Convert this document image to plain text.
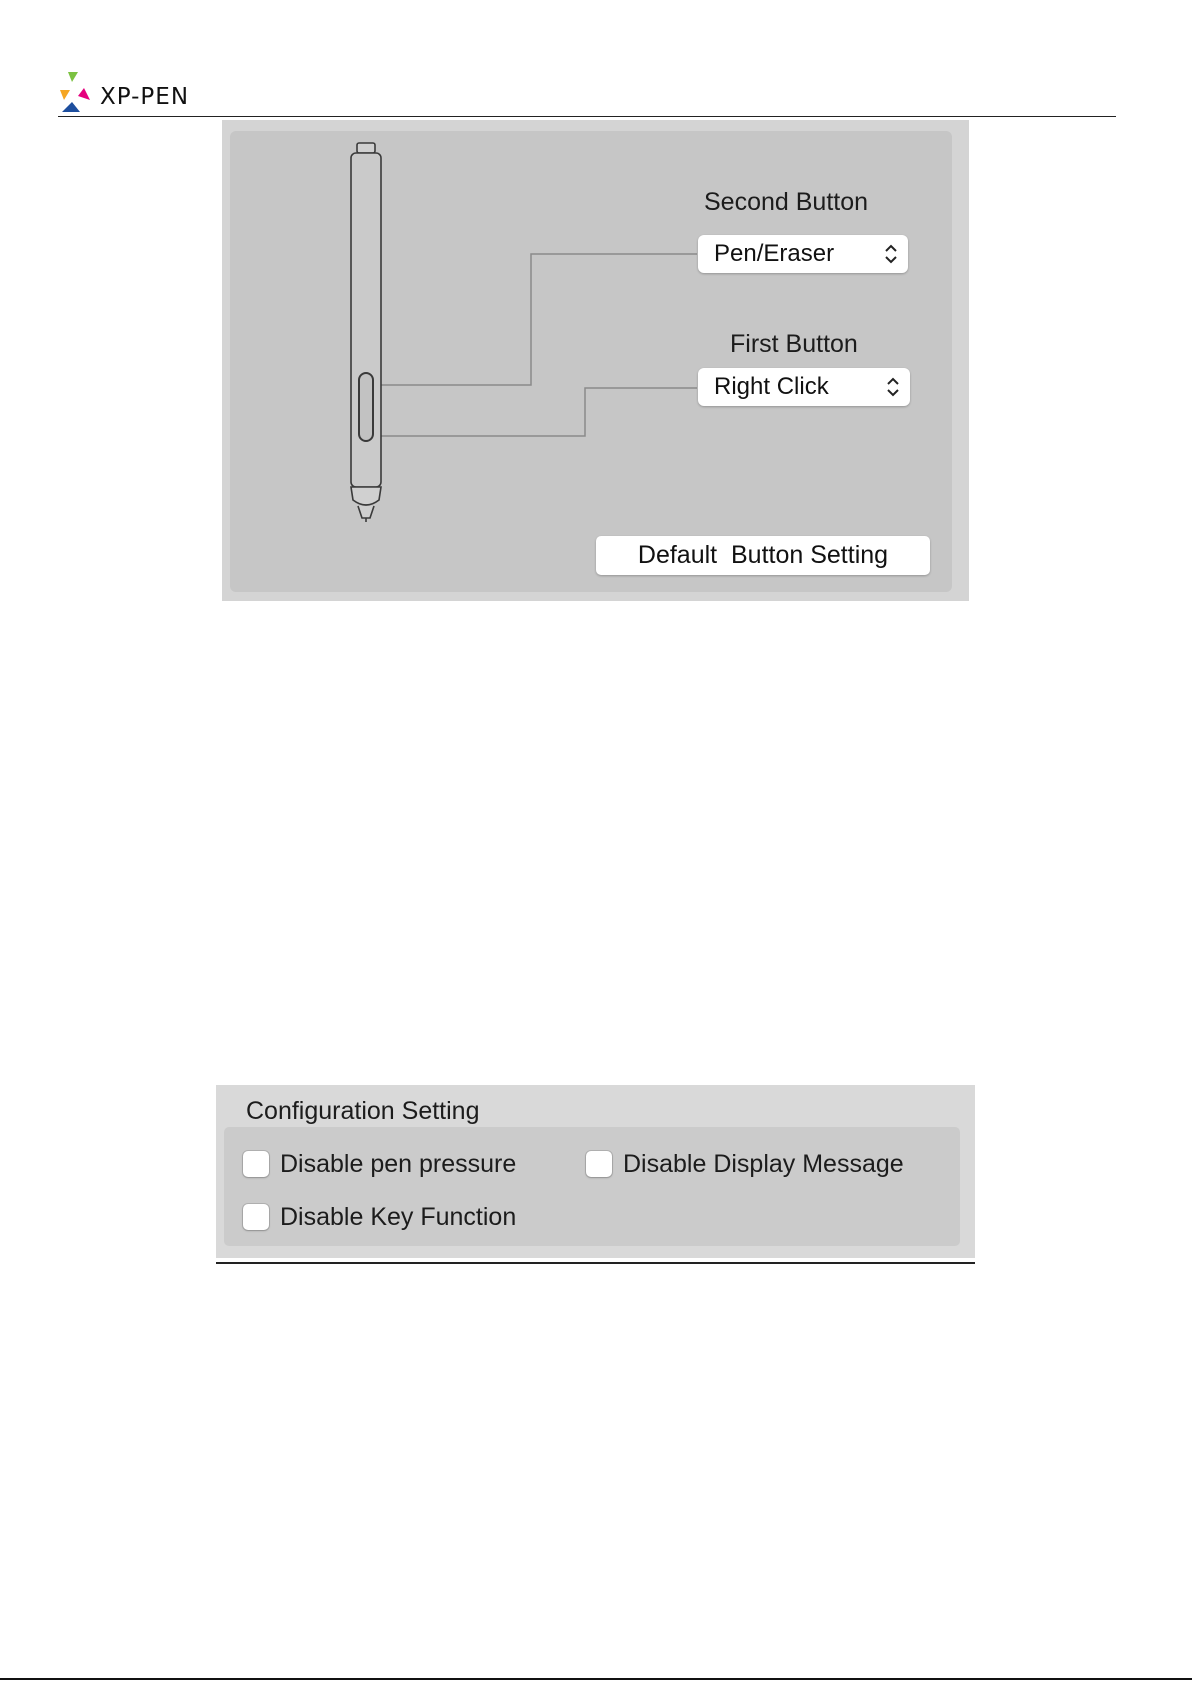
XP-PEN
Second Button
Pen/Eraser
First Button
Right Click
Default  Button Setting
Configuration Setting
Disable pen pressure	Disable Display Message
Disable Key Function
